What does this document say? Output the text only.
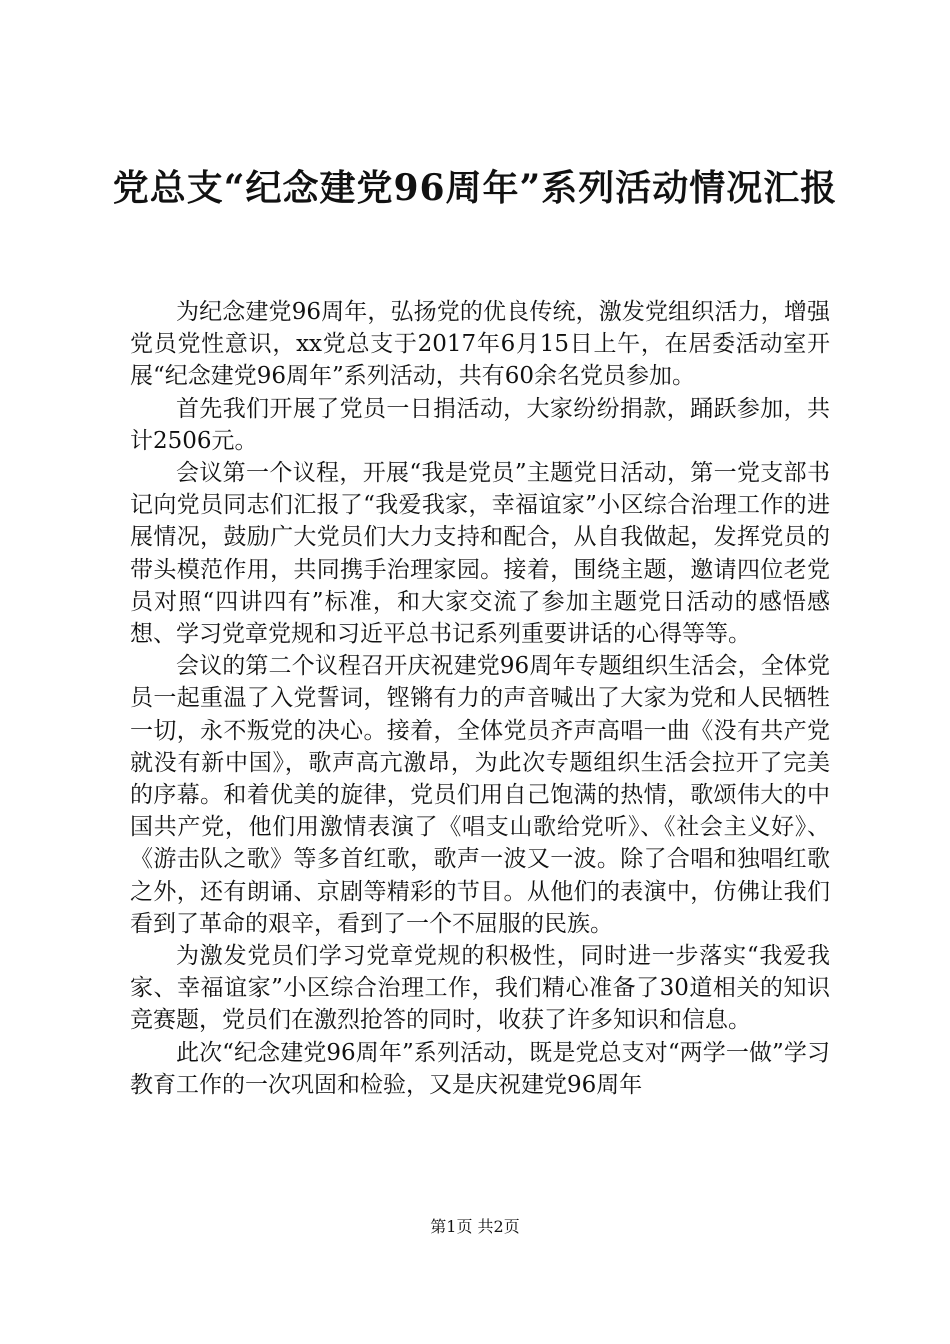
党总支“纪念建党96周年”系列活动情况汇报

为纪念建党96周年，弘扬党的优良传统，激发党组织活力，增强党员党性意识，xx党总支于2017年6月15日上午，在居委活动室开展“纪念建党96周年”系列活动，共有60余名党员参加。

首先我们开展了党员一日捐活动，大家纷纷捐款，踊跃参加，共计2506元。

会议第一个议程，开展“我是党员”主题党日活动，第一党支部书记向党员同志们汇报了“我爱我家，幸福谊家”小区综合治理工作的进展情况，鼓励广大党员们大力支持和配合，从自我做起，发挥党员的带头模范作用，共同携手治理家园。接着，围绕主题，邀请四位老党员对照“四讲四有”标准，和大家交流了参加主题党日活动的感悟感想、学习党章党规和习近平总书记系列重要讲话的心得等等。

会议的第二个议程召开庆祝建党96周年专题组织生活会，全体党员一起重温了入党誓词，铿锵有力的声音喊出了大家为党和人民牺牲一切，永不叛党的决心。接着，全体党员齐声高唱一曲《没有共产党就没有新中国》，歌声高亢激昂，为此次专题组织生活会拉开了完美的序幕。和着优美的旋律，党员们用自己饱满的热情，歌颂伟大的中国共产党，他们用激情表演了《唱支山歌给党听》、《社会主义好》、《游击队之歌》等多首红歌，歌声一波又一波。除了合唱和独唱红歌之外，还有朗诵、京剧等精彩的节目。从他们的表演中，仿佛让我们看到了革命的艰辛，看到了一个不屈服的民族。

为激发党员们学习党章党规的积极性，同时进一步落实“我爱我家、幸福谊家”小区综合治理工作，我们精心准备了30道相关的知识竞赛题，党员们在激烈抢答的同时，收获了许多知识和信息。

此次“纪念建党96周年”系列活动，既是党总支对“两学一做”学习教育工作的一次巩固和检验，又是庆祝建党96周年

第1页 共2页
